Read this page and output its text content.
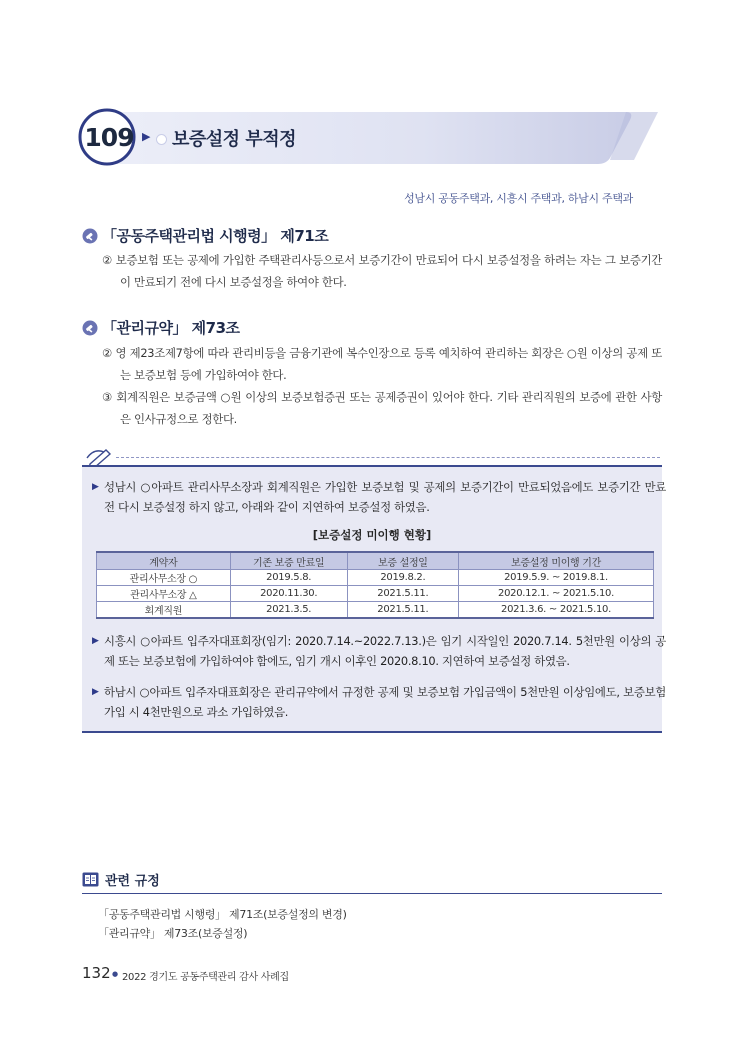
109 ▶ 보증설정 부적정
성남시 공동주택과, 시흥시 주택과, 하남시 주택과
「공동주택관리법 시행령」 제71조
② 보증보험 또는 공제에 가입한 주택관리사등으로서 보증기간이 만료되어 다시 보증설정을 하려는 자는 그 보증기간이 만료되기 전에 다시 보증설정을 하여야 한다.
「관리규약」 제73조
② 영 제23조제7항에 따라 관리비등을 금융기관에 복수인장으로 등록 예치하여 관리하는 회장은 ○원 이상의 공제 또는 보증보험 등에 가입하여야 한다.
③ 회계직원은 보증금액 ○원 이상의 보증보험증권 또는 공제증권이 있어야 한다. 기타 관리직원의 보증에 관한 사항은 인사규정으로 정한다.
▶ 성남시 ○아파트 관리사무소장과 회계직원은 가입한 보증보험 및 공제의 보증기간이 만료되었음에도 보증기간 만료 전 다시 보증설정 하지 않고, 아래와 같이 지연하여 보증설정 하였음.
[보증설정 미이행 현황]
계약자	기존 보증 만료일	보증 설정일	보증설정 미이행 기간
관리사무소장 ○	2019.5.8.	2019.8.2.	2019.5.9. ~ 2019.8.1.
관리사무소장 △	2020.11.30.	2021.5.11.	2020.12.1. ~ 2021.5.10.
회계직원	2021.3.5.	2021.5.11.	2021.3.6. ~ 2021.5.10.
▶ 시흥시 ○아파트 입주자대표회장(임기: 2020.7.14.~2022.7.13.)은 임기 시작일인 2020.7.14. 5천만원 이상의 공제 또는 보증보험에 가입하여야 함에도, 임기 개시 이후인 2020.8.10. 지연하여 보증설정 하였음.
▶ 하남시 ○아파트 입주자대표회장은 관리규약에서 규정한 공제 및 보증보험 가입금액이 5천만원 이상임에도, 보증보험 가입 시 4천만원으로 과소 가입하였음.
관련 규정
「공동주택관리법 시행령」 제71조(보증설정의 변경)
「관리규약」 제73조(보증설정)
132 ● 2022 경기도 공동주택관리 감사 사례집
